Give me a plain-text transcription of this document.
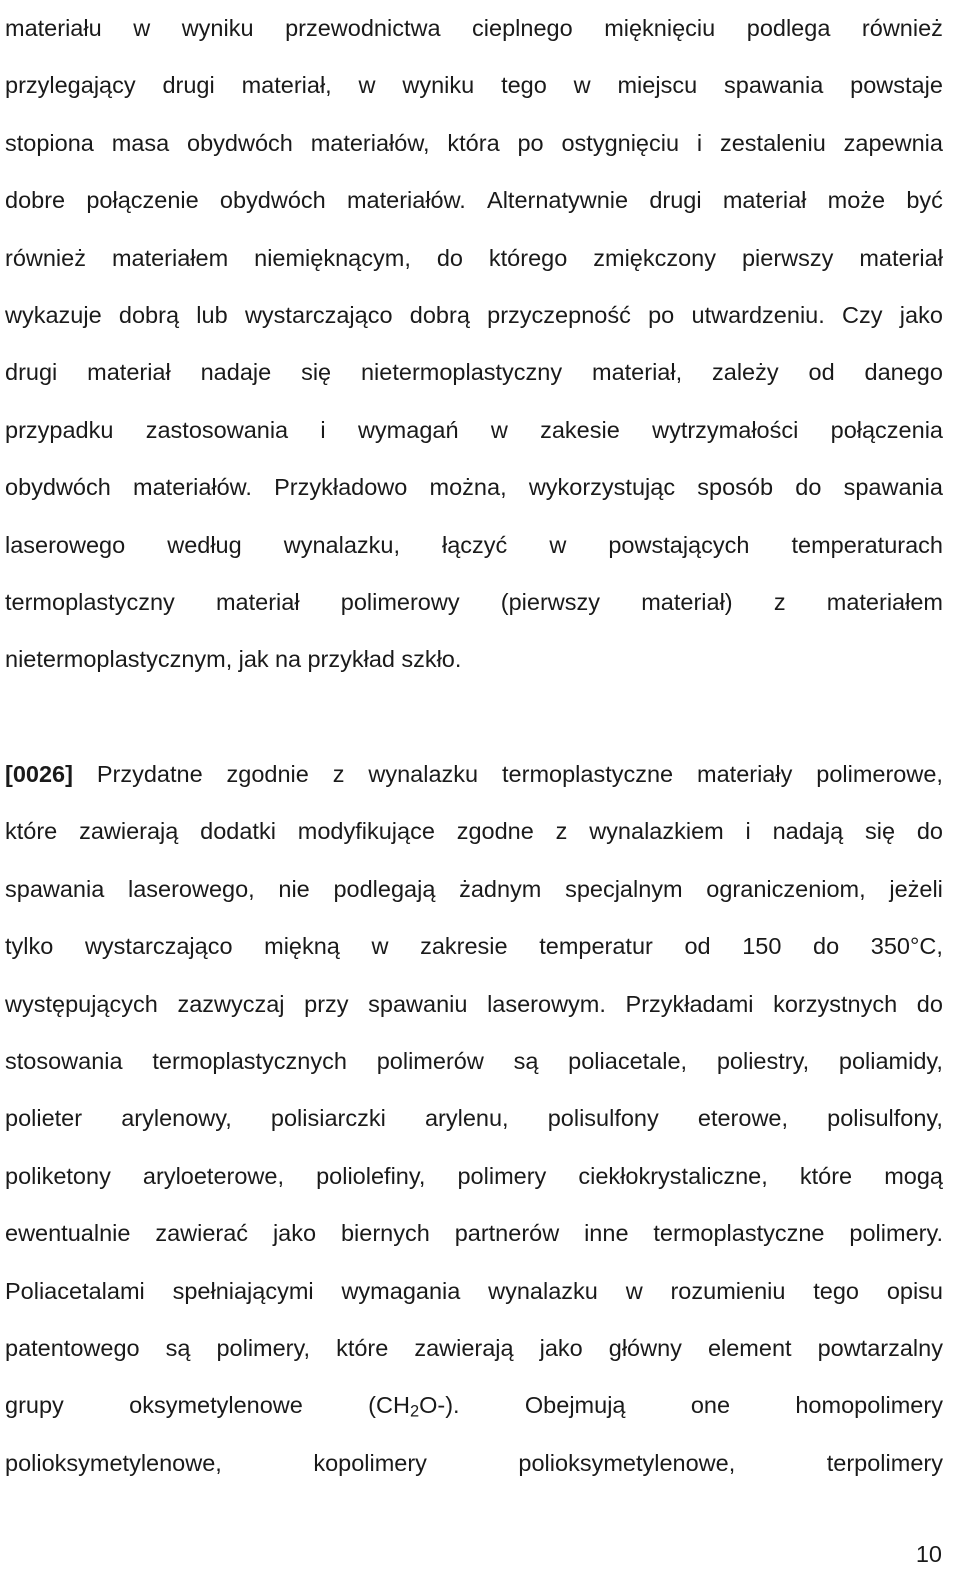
materiału w wyniku przewodnictwa cieplnego mięknięciu podlega również
przylegający drugi materiał, w wyniku tego w miejscu spawania powstaje
stopiona masa obydwóch materiałów, która po ostygnięciu i zestaleniu zapewnia
dobre połączenie obydwóch materiałów. Alternatywnie drugi materiał może być
również materiałem niemięknącym, do którego zmiękczony pierwszy materiał
wykazuje dobrą lub wystarczająco dobrą przyczepność po utwardzeniu. Czy jako
drugi materiał nadaje się nietermoplastyczny materiał, zależy od danego
przypadku zastosowania i wymagań w zakesie wytrzymałości połączenia
obydwóch materiałów. Przykładowo można, wykorzystując sposób do spawania
laserowego według wynalazku, łączyć w powstających temperaturach
termoplastyczny materiał polimerowy (pierwszy materiał) z materiałem
nietermoplastycznym, jak na przykład szkło.
[0026] Przydatne zgodnie z wynalazku termoplastyczne materiały polimerowe,
które zawierają dodatki modyfikujące zgodne z wynalazkiem i nadają się do
spawania laserowego, nie podlegają żadnym specjalnym ograniczeniom, jeżeli
tylko wystarczająco miękną w zakresie temperatur od 150 do 350°C,
występujących zazwyczaj przy spawaniu laserowym. Przykładami korzystnych do
stosowania termoplastycznych polimerów są poliacetale, poliestry, poliamidy,
polieter arylenowy, polisiarczki arylenu, polisulfony eterowe, polisulfony,
poliketony aryloeterowe, poliolefiny, polimery ciekłokrystaliczne, które mogą
ewentualnie zawierać jako biernych partnerów inne termoplastyczne polimery.
Poliacetalami spełniającymi wymagania wynalazku w rozumieniu tego opisu
patentowego są polimery, które zawierają jako główny element powtarzalny
grupy	oksymetylenowe	$(CH_2O-)$.	Obejmują	one	homopolimery
polioksymetylenowe,	kopolimery	polioksymetylenowe,	terpolimery
10
